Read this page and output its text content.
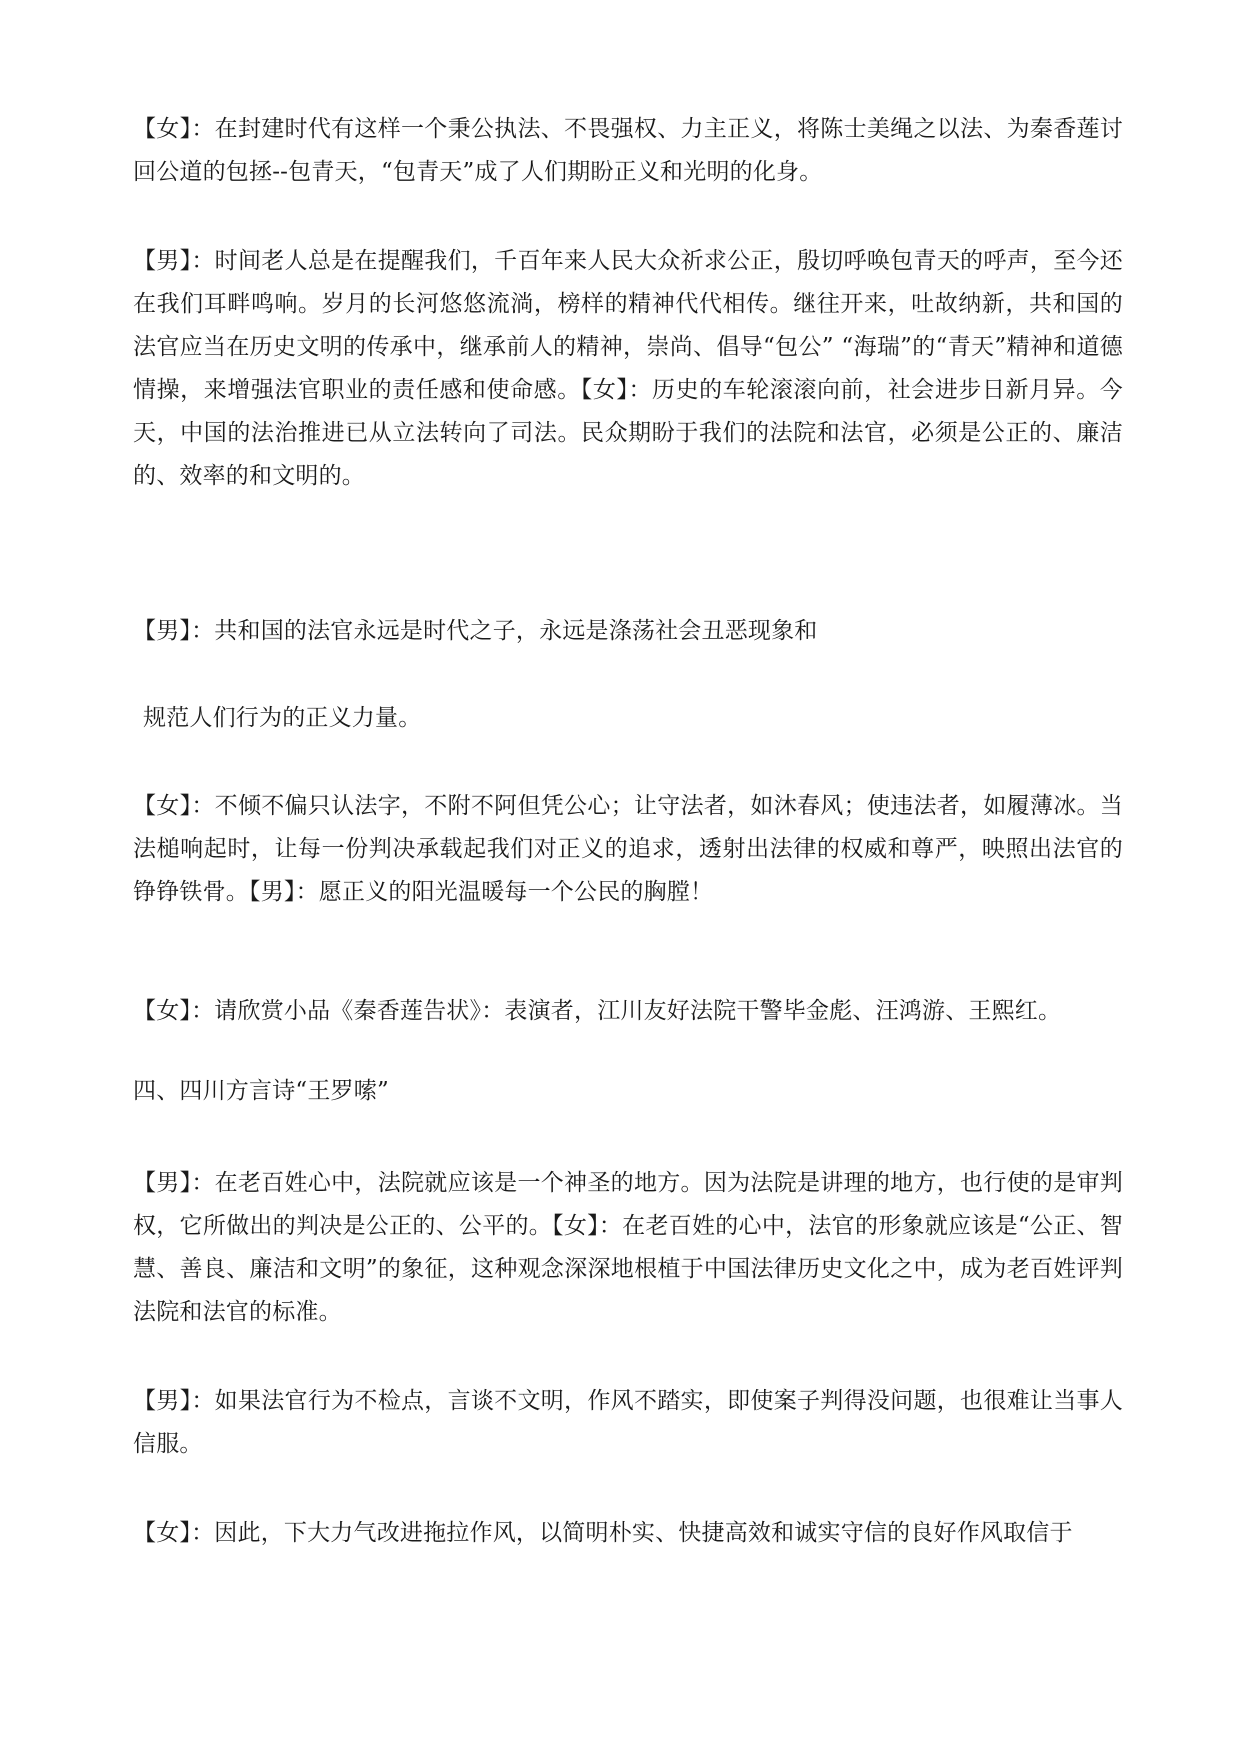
【女】：在封建时代有这样一个秉公执法、不畏强权、力主正义，将陈士美绳之以法、为秦香莲讨回公道的包拯--包青天，“包青天”成了人们期盼正义和光明的化身。

【男】：时间老人总是在提醒我们，千百年来人民大众祈求公正，殷切呼唤包青天的呼声，至今还在我们耳畔鸣响。岁月的长河悠悠流淌，榜样的精神代代相传。继往开来，吐故纳新，共和国的法官应当在历史文明的传承中，继承前人的精神，崇尚、倡导“包公” “海瑞”的“青天”精神和道德情操，来增强法官职业的责任感和使命感。【女】：历史的车轮滚滚向前，社会进步日新月异。今天，中国的法治推进已从立法转向了司法。民众期盼于我们的法院和法官，必须是公正的、廉洁的、效率的和文明的。

【男】：共和国的法官永远是时代之子，永远是涤荡社会丑恶现象和

规范人们行为的正义力量。

【女】：不倾不偏只认法字，不附不阿但凭公心；让守法者，如沐春风；使违法者，如履薄冰。当法槌响起时，让每一份判决承载起我们对正义的追求，透射出法律的权威和尊严，映照出法官的铮铮铁骨。【男】：愿正义的阳光温暖每一个公民的胸膛！

【女】：请欣赏小品《秦香莲告状》：表演者，江川友好法院干警毕金彪、汪鸿游、王熙红。

四、四川方言诗“王罗嗦”

【男】：在老百姓心中，法院就应该是一个神圣的地方。因为法院是讲理的地方，也行使的是审判权，它所做出的判决是公正的、公平的。【女】：在老百姓的心中，法官的形象就应该是“公正、智慧、善良、廉洁和文明”的象征，这种观念深深地根植于中国法律历史文化之中，成为老百姓评判法院和法官的标准。

【男】：如果法官行为不检点，言谈不文明，作风不踏实，即使案子判得没问题，也很难让当事人信服。

【女】：因此，下大力气改进拖拉作风，以简明朴实、快捷高效和诚实守信的良好作风取信于
